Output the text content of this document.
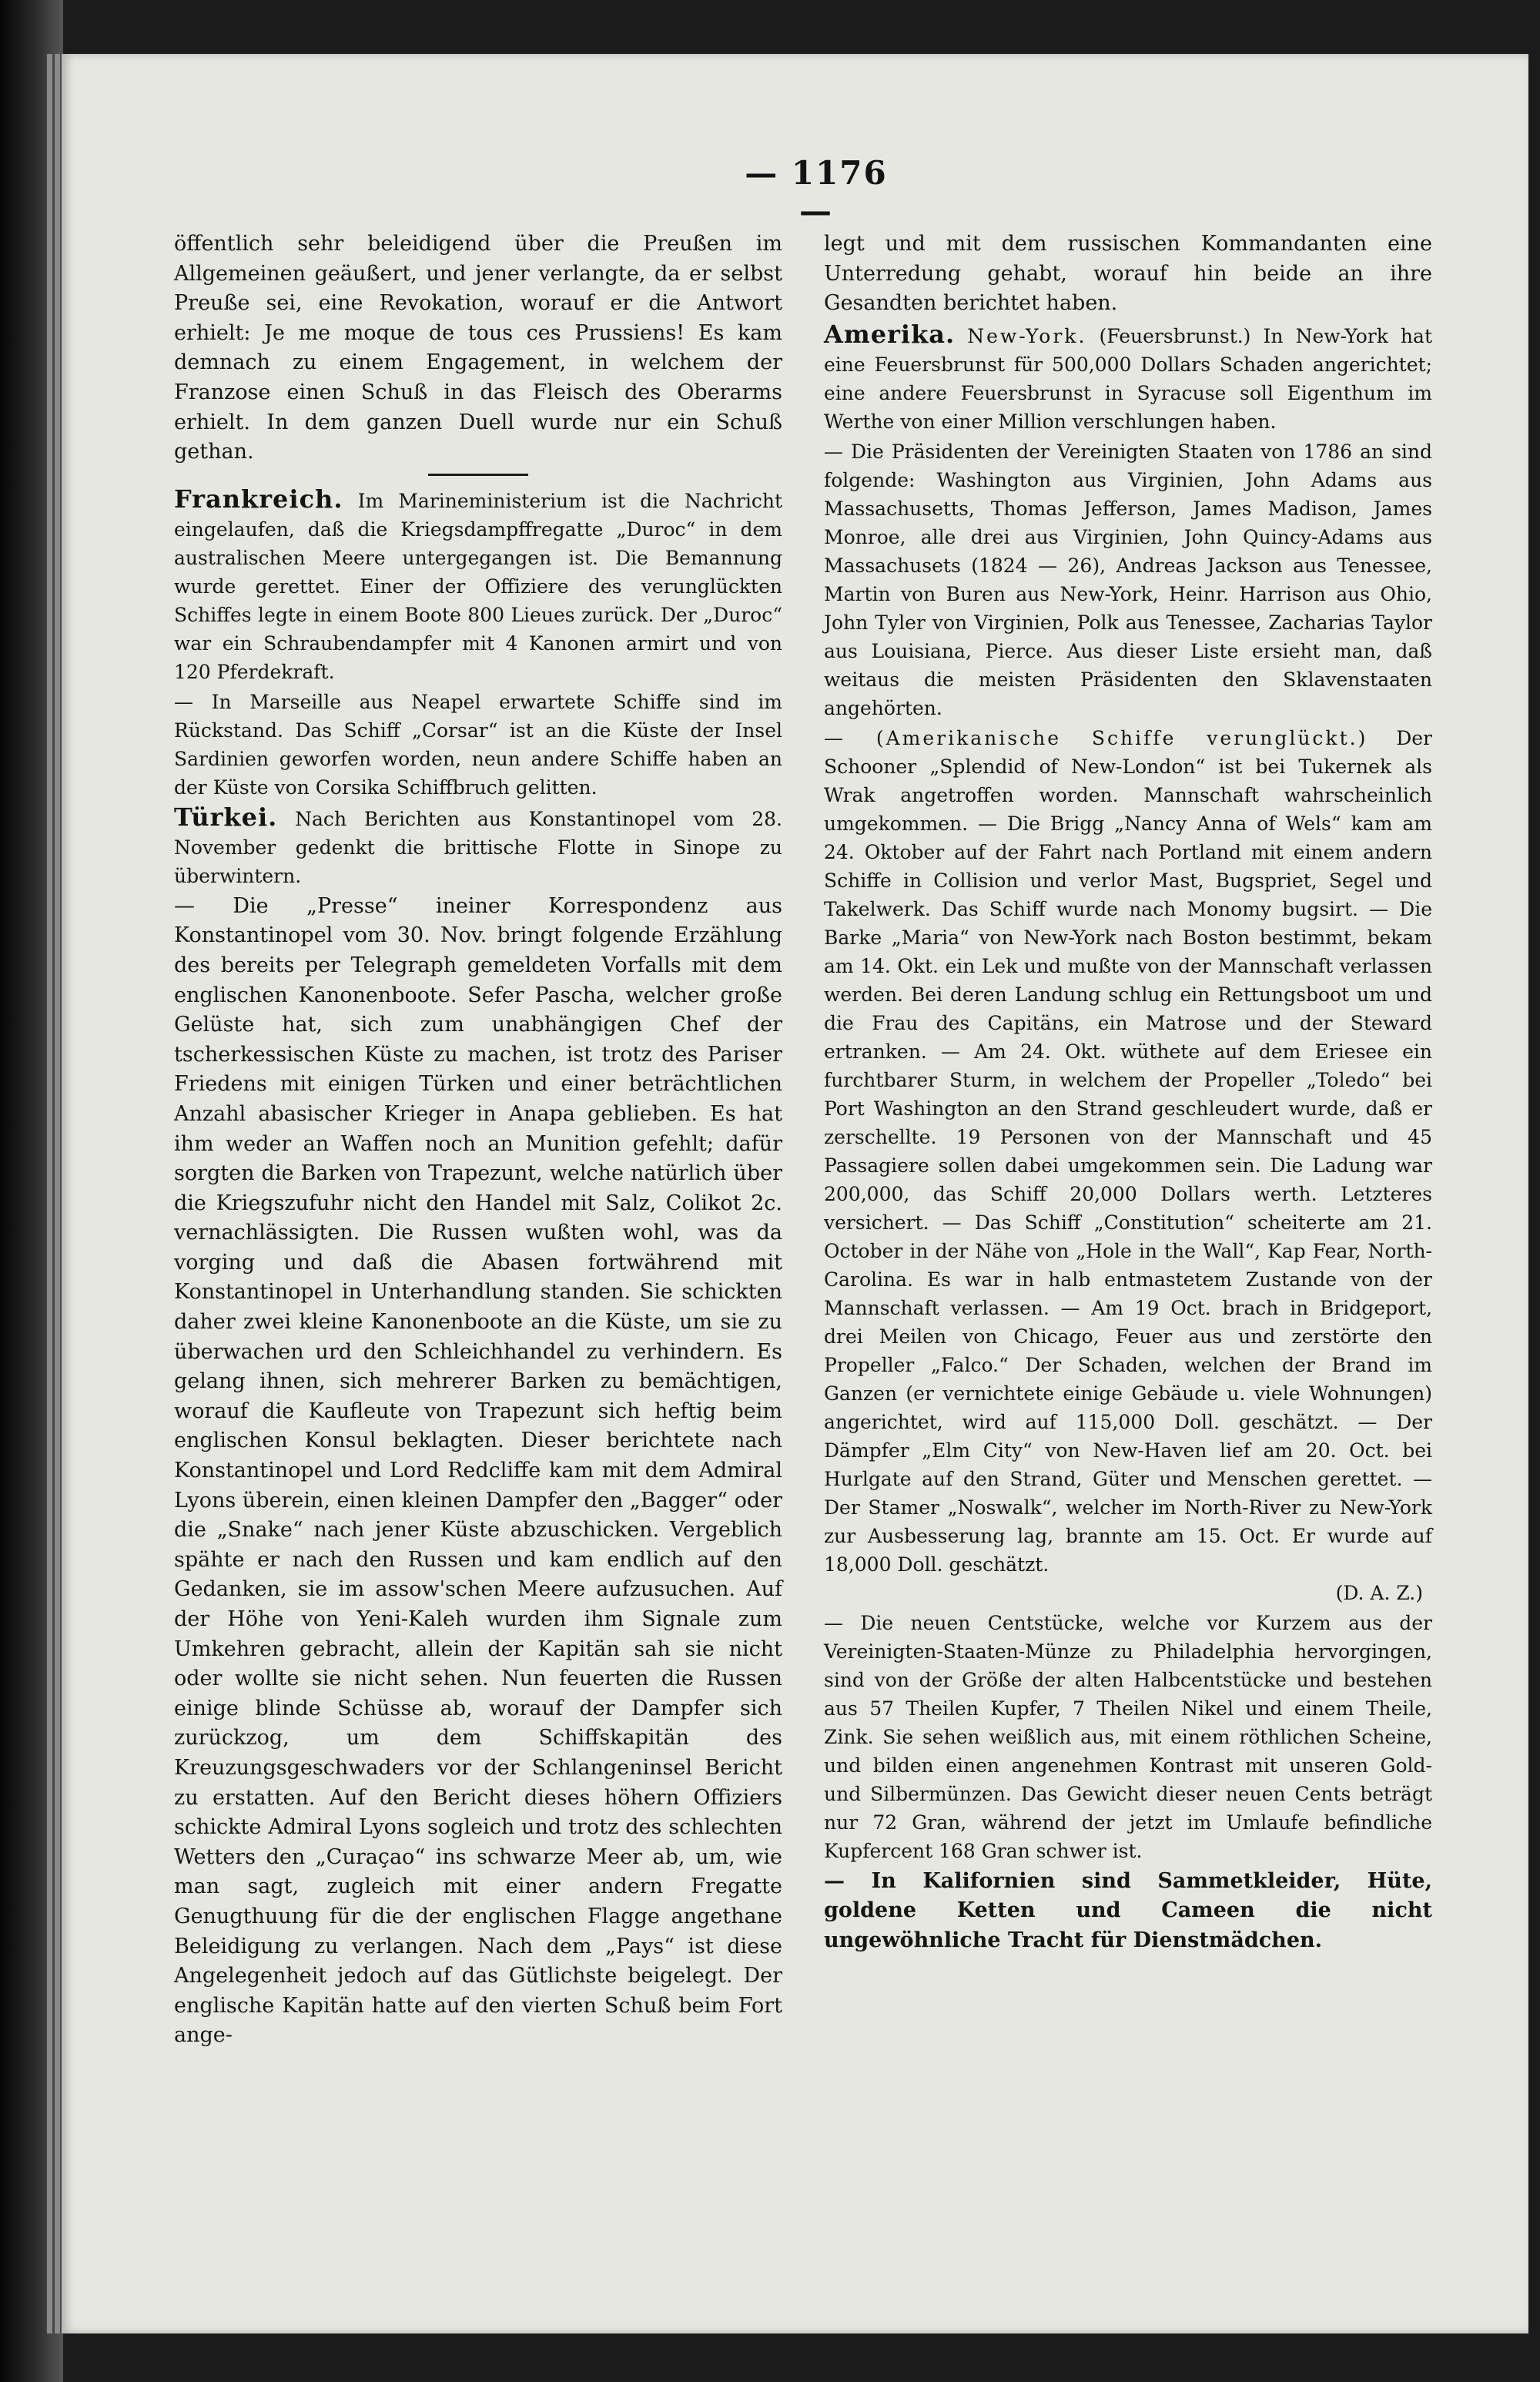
— 1176 —

öffentlich sehr beleidigend über die Preußen im Allgemeinen geäußert, und jener verlangte, da er selbst Preuße sei, eine Revokation, worauf er die Antwort erhielt: Je me moque de tous ces Prussiens! Es kam demnach zu einem Engagement, in welchem der Franzose einen Schuß in das Fleisch des Oberarms erhielt. In dem ganzen Duell wurde nur ein Schuß gethan.

Frankreich. Im Marineministerium ist die Nachricht eingelaufen, daß die Kriegsdampffregatte „Duroc“ in dem australischen Meere untergegangen ist. Die Bemannung wurde gerettet. Einer der Offiziere des verunglückten Schiffes legte in einem Boote 800 Lieues zurück. Der „Duroc“ war ein Schraubendampfer mit 4 Kanonen armirt und von 120 Pferdekraft.

— In Marseille aus Neapel erwartete Schiffe sind im Rückstand. Das Schiff „Corsar“ ist an die Küste der Insel Sardinien geworfen worden, neun andere Schiffe haben an der Küste von Corsika Schiffbruch gelitten.

Türkei. Nach Berichten aus Konstantinopel vom 28. November gedenkt die brittische Flotte in Sinope zu überwintern.

— Die „Presse“ ineiner Korrespondenz aus Konstantinopel vom 30. Nov. bringt folgende Erzählung des bereits per Telegraph gemeldeten Vorfalls mit dem englischen Kanonenboote. Sefer Pascha, welcher große Gelüste hat, sich zum unabhängigen Chef der tscherkessischen Küste zu machen, ist trotz des Pariser Friedens mit einigen Türken und einer beträchtlichen Anzahl abasischer Krieger in Anapa geblieben. Es hat ihm weder an Waffen noch an Munition gefehlt; dafür sorgten die Barken von Trapezunt, welche natürlich über die Kriegszufuhr nicht den Handel mit Salz, Colikot 2c. vernachlässigten. Die Russen wußten wohl, was da vorging und daß die Abasen fortwährend mit Konstantinopel in Unterhandlung standen. Sie schickten daher zwei kleine Kanonenboote an die Küste, um sie zu überwachen urd den Schleichhandel zu verhindern. Es gelang ihnen, sich mehrerer Barken zu bemächtigen, worauf die Kaufleute von Trapezunt sich heftig beim englischen Konsul beklagten. Dieser berichtete nach Konstantinopel und Lord Redcliffe kam mit dem Admiral Lyons überein, einen kleinen Dampfer den „Bagger“ oder die „Snake“ nach jener Küste abzuschicken. Vergeblich spähte er nach den Russen und kam endlich auf den Gedanken, sie im assow'schen Meere aufzusuchen. Auf der Höhe von Yeni-Kaleh wurden ihm Signale zum Umkehren gebracht, allein der Kapitän sah sie nicht oder wollte sie nicht sehen. Nun feuerten die Russen einige blinde Schüsse ab, worauf der Dampfer sich zurückzog, um dem Schiffskapitän des Kreuzungsgeschwaders vor der Schlangeninsel Bericht zu erstatten. Auf den Bericht dieses höhern Offiziers schickte Admiral Lyons sogleich und trotz des schlechten Wetters den „Curaçao“ ins schwarze Meer ab, um, wie man sagt, zugleich mit einer andern Fregatte Genugthuung für die der englischen Flagge angethane Beleidigung zu verlangen. Nach dem „Pays“ ist diese Angelegenheit jedoch auf das Gütlichste beigelegt. Der englische Kapitän hatte auf den vierten Schuß beim Fort ange-

legt und mit dem russischen Kommandanten eine Unterredung gehabt, worauf hin beide an ihre Gesandten berichtet haben.

Amerika. New-York. (Feuersbrunst.) In New-York hat eine Feuersbrunst für 500,000 Dollars Schaden angerichtet; eine andere Feuersbrunst in Syracuse soll Eigenthum im Werthe von einer Million verschlungen haben.

— Die Präsidenten der Vereinigten Staaten von 1786 an sind folgende: Washington aus Virginien, John Adams aus Massachusetts, Thomas Jefferson, James Madison, James Monroe, alle drei aus Virginien, John Quincy-Adams aus Massachusets (1824 — 26), Andreas Jackson aus Tenessee, Martin von Buren aus New-York, Heinr. Harrison aus Ohio, John Tyler von Virginien, Polk aus Tenessee, Zacharias Taylor aus Louisiana, Pierce. Aus dieser Liste ersieht man, daß weitaus die meisten Präsidenten den Sklavenstaaten angehörten.

— (Amerikanische Schiffe verunglückt.) Der Schooner „Splendid of New-London“ ist bei Tukernek als Wrak angetroffen worden. Mannschaft wahrscheinlich umgekommen. — Die Brigg „Nancy Anna of Wels“ kam am 24. Oktober auf der Fahrt nach Portland mit einem andern Schiffe in Collision und verlor Mast, Bugspriet, Segel und Takelwerk. Das Schiff wurde nach Monomy bugsirt. — Die Barke „Maria“ von New-York nach Boston bestimmt, bekam am 14. Okt. ein Lek und mußte von der Mannschaft verlassen werden. Bei deren Landung schlug ein Rettungsboot um und die Frau des Capitäns, ein Matrose und der Steward ertranken. — Am 24. Okt. wüthete auf dem Eriesee ein furchtbarer Sturm, in welchem der Propeller „Toledo“ bei Port Washington an den Strand geschleudert wurde, daß er zerschellte. 19 Personen von der Mannschaft und 45 Passagiere sollen dabei umgekommen sein. Die Ladung war 200,000, das Schiff 20,000 Dollars werth. Letzteres versichert. — Das Schiff „Constitution“ scheiterte am 21. October in der Nähe von „Hole in the Wall“, Kap Fear, North-Carolina. Es war in halb entmastetem Zustande von der Mannschaft verlassen. — Am 19 Oct. brach in Bridgeport, drei Meilen von Chicago, Feuer aus und zerstörte den Propeller „Falco.“ Der Schaden, welchen der Brand im Ganzen (er vernichtete einige Gebäude u. viele Wohnungen) angerichtet, wird auf 115,000 Doll. geschätzt. — Der Dämpfer „Elm City“ von New-Haven lief am 20. Oct. bei Hurlgate auf den Strand, Güter und Menschen gerettet. — Der Stamer „Noswalk“, welcher im North-River zu New-York zur Ausbesserung lag, brannte am 15. Oct. Er wurde auf 18,000 Doll. geschätzt.
(D. A. Z.)

— Die neuen Centstücke, welche vor Kurzem aus der Vereinigten-Staaten-Münze zu Philadelphia hervorgingen, sind von der Größe der alten Halbcentstücke und bestehen aus 57 Theilen Kupfer, 7 Theilen Nikel und einem Theile, Zink. Sie sehen weißlich aus, mit einem röthlichen Scheine, und bilden einen angenehmen Kontrast mit unseren Gold- und Silbermünzen. Das Gewicht dieser neuen Cents beträgt nur 72 Gran, während der jetzt im Umlaufe befindliche Kupfercent 168 Gran schwer ist.

— In Kalifornien sind Sammetkleider, Hüte, goldene Ketten und Cameen die nicht ungewöhnliche Tracht für Dienstmädchen.
